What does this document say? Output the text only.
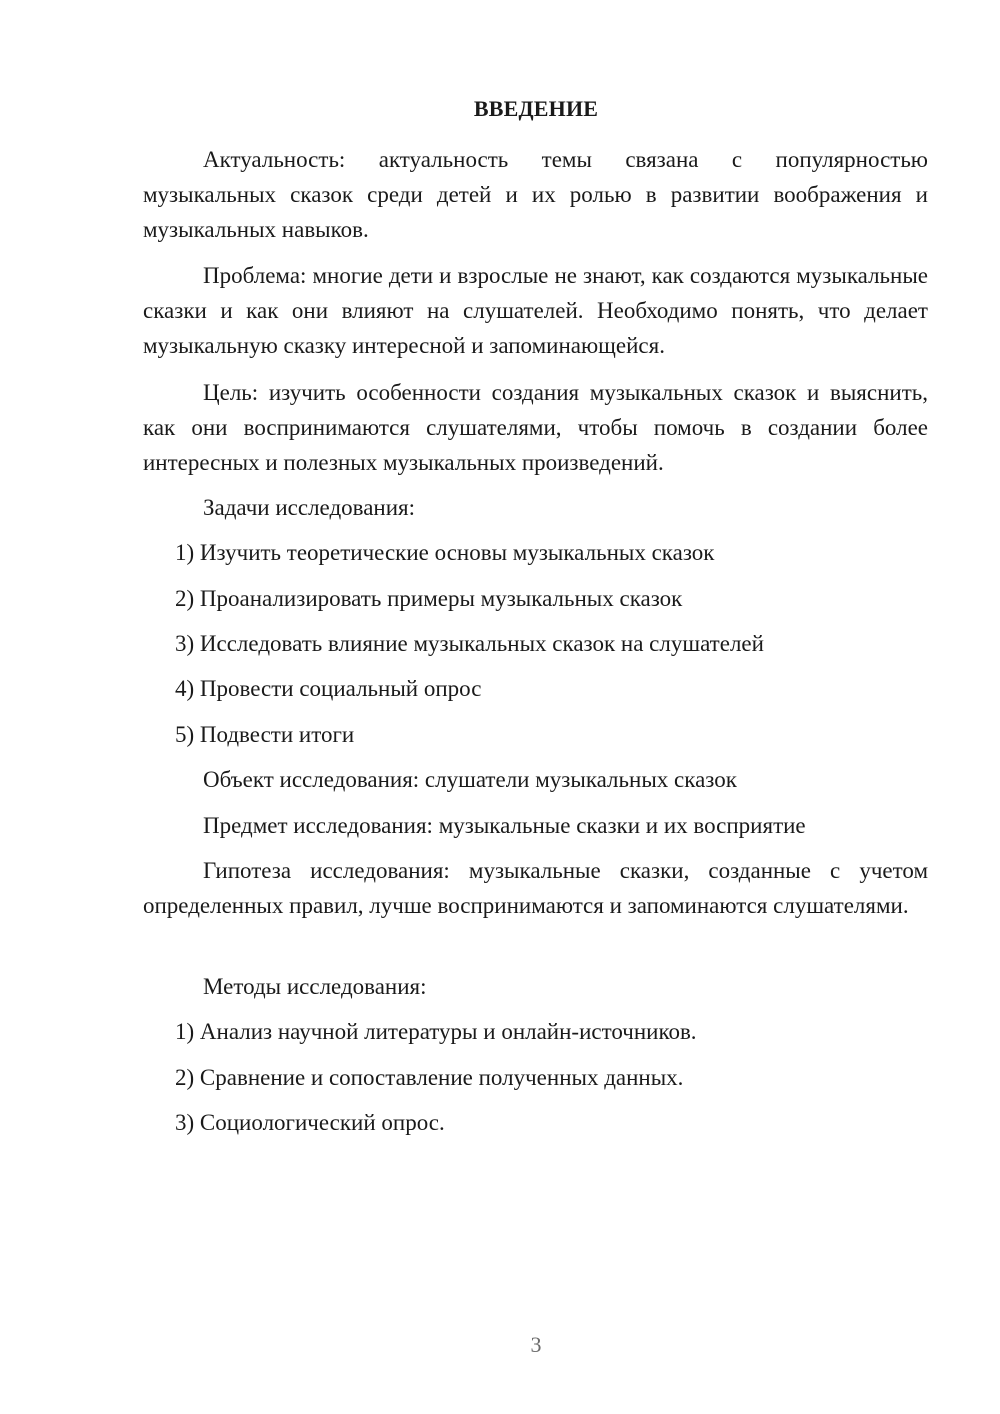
ВВЕДЕНИЕ

Актуальность: актуальность темы связана с популярностью музыкальных сказок среди детей и их ролью в развитии воображения и музыкальных навыков.

Проблема: многие дети и взрослые не знают, как создаются музыкальные сказки и как они влияют на слушателей. Необходимо понять, что делает музыкальную сказку интересной и запоминающейся.

Цель: изучить особенности создания музыкальных сказок и выяснить, как они воспринимаются слушателями, чтобы помочь в создании более интересных и полезных музыкальных произведений.

Задачи исследования:
1) Изучить теоретические основы музыкальных сказок
2) Проанализировать примеры музыкальных сказок
3) Исследовать влияние музыкальных сказок на слушателей
4) Провести социальный опрос
5) Подвести итоги
Объект исследования: слушатели музыкальных сказок
Предмет исследования: музыкальные сказки и их восприятие

Гипотеза исследования: музыкальные сказки, созданные с учетом определенных правил, лучше воспринимаются и запоминаются слушателями.

Методы исследования:
1) Анализ научной литературы и онлайн-источников.
2) Сравнение и сопоставление полученных данных.
3) Социологический опрос.
3
